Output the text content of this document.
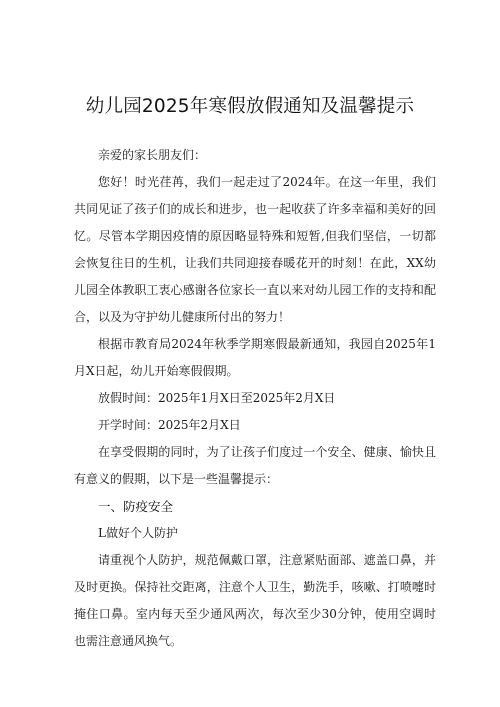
幼儿园2025年寒假放假通知及温馨提示

亲爱的家长朋友们：

您好！时光荏苒，我们一起走过了2024年。在这一年里，我们共同见证了孩子们的成长和进步，也一起收获了许多幸福和美好的回忆。尽管本学期因疫情的原因略显特殊和短暂,但我们坚信，一切都会恢复往日的生机，让我们共同迎接春暖花开的时刻！在此，XX幼儿园全体教职工衷心感谢各位家长一直以来对幼儿园工作的支持和配合，以及为守护幼儿健康所付出的努力！

根据市教育局2024年秋季学期寒假最新通知，我园自2025年1月X日起，幼儿开始寒假假期。

放假时间：2025年1月X日至2025年2月X日

开学时间：2025年2月X日

在享受假期的同时，为了让孩子们度过一个安全、健康、愉快且有意义的假期，以下是一些温馨提示：

一、防疫安全

L做好个人防护

请重视个人防护，规范佩戴口罩，注意紧贴面部、遮盖口鼻，并及时更换。保持社交距离，注意个人卫生，勤洗手，咳嗽、打喷嚏时掩住口鼻。室内每天至少通风两次，每次至少30分钟，使用空调时也需注意通风换气。
